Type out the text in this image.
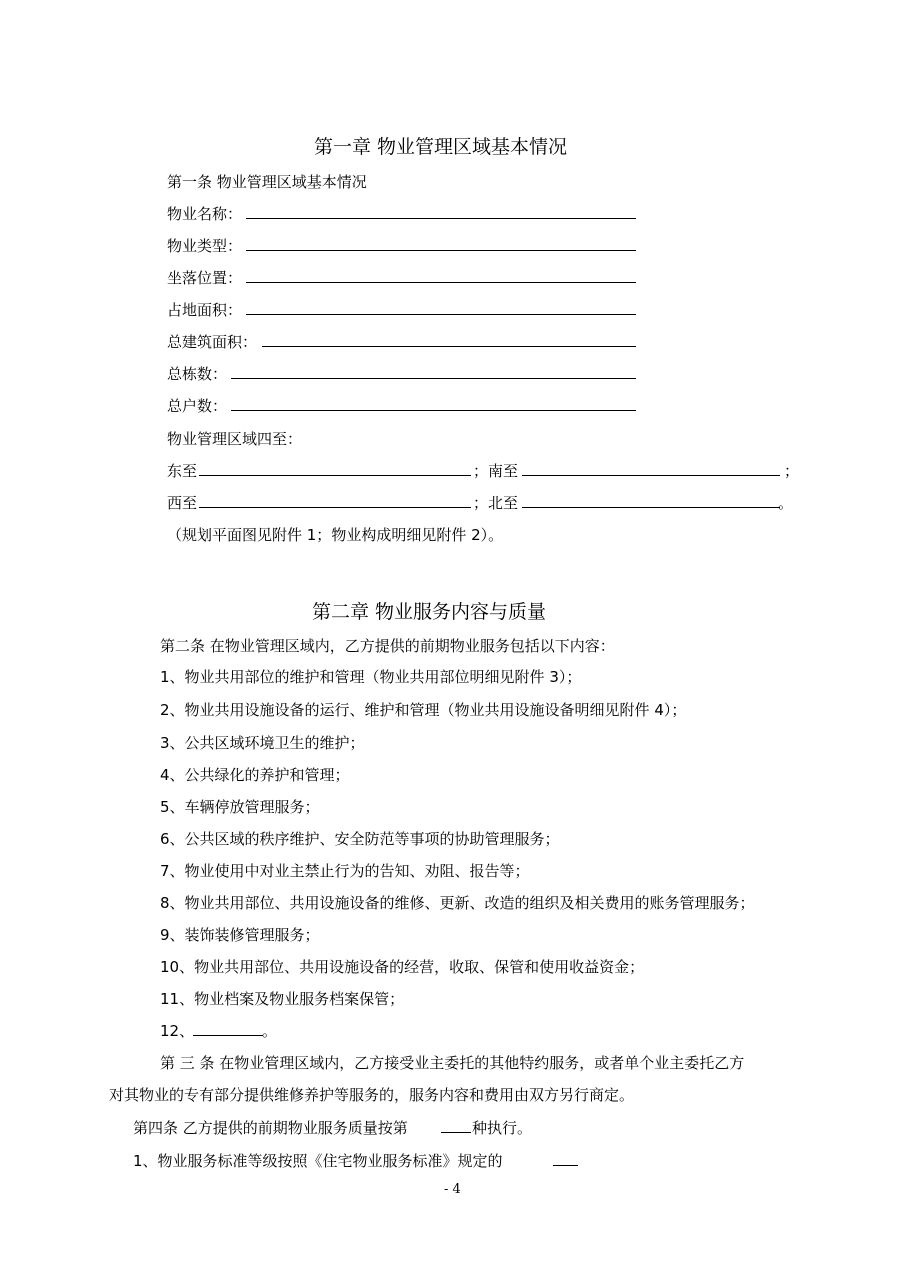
第一章 物业管理区域基本情况
第一条 物业管理区域基本情况
物业名称：
物业类型：
坐落位置：
占地面积：
总建筑面积：
总栋数：
总户数：
物业管理区域四至：
东至	；南至	；
西至	；北至	。
（规划平面图见附件 1；物业构成明细见附件 2）。
第二章 物业服务内容与质量
第二条 在物业管理区域内，乙方提供的前期物业服务包括以下内容：
1、物业共用部位的维护和管理（物业共用部位明细见附件 3）；
2、物业共用设施设备的运行、维护和管理（物业共用设施设备明细见附件 4）；
3、公共区域环境卫生的维护；
4、公共绿化的养护和管理；
5、车辆停放管理服务；
6、公共区域的秩序维护、安全防范等事项的协助管理服务；
7、物业使用中对业主禁止行为的告知、劝阻、报告等；
8、物业共用部位、共用设施设备的维修、更新、改造的组织及相关费用的账务管理服务；
9、装饰装修管理服务；
10、物业共用部位、共用设施设备的经营，收取、保管和使用收益资金；
11、物业档案及物业服务档案保管；
12、	。
第 三 条 在物业管理区域内，乙方接受业主委托的其他特约服务，或者单个业主委托乙方
对其物业的专有部分提供维修养护等服务的，服务内容和费用由双方另行商定。
第四条 乙方提供的前期物业服务质量按第	种执行。
1、物业服务标准等级按照《住宅物业服务标准》规定的
- 4
